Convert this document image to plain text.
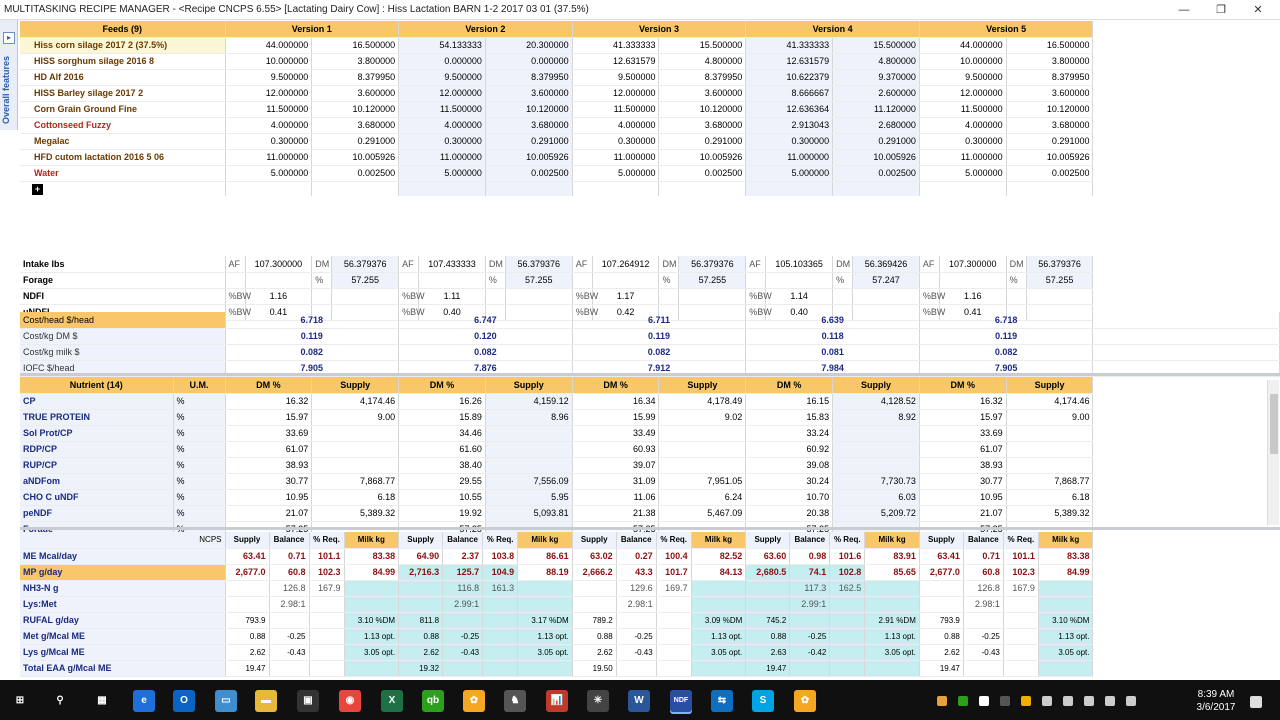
MULTITASKING RECIPE MANAGER - <Recipe CNCPS 6.55> [Lactating Dairy Cow] : Hiss Lactation BARN 1-2 2017 03 01 (37.5%)	—	❐	✕
▸
Overall features
Feeds (9)	Version 1		Version 2		Version 3		Version 4		Version 5	
Hiss corn silage 2017 2 (37.5%)	44.000000	16.500000	54.133333	20.300000	41.333333	15.500000	41.333333	15.500000	44.000000	16.500000
HISS sorghum silage 2016 8	10.000000	3.800000	0.000000	0.000000	12.631579	4.800000	12.631579	4.800000	10.000000	3.800000
HD Alf 2016	9.500000	8.379950	9.500000	8.379950	9.500000	8.379950	10.622379	9.370000	9.500000	8.379950
HISS Barley silage 2017 2	12.000000	3.600000	12.000000	3.600000	12.000000	3.600000	8.666667	2.600000	12.000000	3.600000
Corn Grain Ground Fine	11.500000	10.120000	11.500000	10.120000	11.500000	10.120000	12.636364	11.120000	11.500000	10.120000
Cottonseed Fuzzy	4.000000	3.680000	4.000000	3.680000	4.000000	3.680000	2.913043	2.680000	4.000000	3.680000
Megalac	0.300000	0.291000	0.300000	0.291000	0.300000	0.291000	0.300000	0.291000	0.300000	0.291000
HFD cutom lactation 2016 5 06	11.000000	10.005926	11.000000	10.005926	11.000000	10.005926	11.000000	10.005926	11.000000	10.005926
Water	5.000000	0.002500	5.000000	0.002500	5.000000	0.002500	5.000000	0.002500	5.000000	0.002500
+										
Intake lbs	AF	107.300000	DM	56.379376	AF	107.433333	DM	56.379376	AF	107.264912	DM	56.379376	AF	105.103365	DM	56.369426	AF	107.300000	DM	56.379376
Forage			%	57.255			%	57.255			%	57.255			%	57.247			%	57.255
NDFI	%BW	1.16			%BW	1.11			%BW	1.17			%BW	1.14			%BW	1.16		
	%BW	0.41			%BW	0.40			%BW	0.42			%BW	0.40			%BW	0.41		
Cost/head $/head	6.718	6.747	6.711	6.639	6.718	
Cost/kg DM $	0.119	0.120	0.119	0.118	0.119	
Cost/kg milk $	0.082	0.082	0.082	0.081	0.082	
IOFC $/head	7.905	7.876	7.912	7.984	7.905	
Nutrient (14)	U.M.	DM %	Supply	DM %	Supply	DM %	Supply	DM %	Supply	DM %	Supply
CP	%	16.32	4,174.46	16.26	4,159.12	16.34	4,178.49	16.15	4,128.52	16.32	4,174.46
TRUE PROTEIN	%	15.97	9.00	15.89	8.96	15.99	9.02	15.83	8.92	15.97	9.00
Sol Prot/CP	%	33.69		34.46		33.49		33.24		33.69	
RDP/CP	%	61.07		61.60		60.93		60.92		61.07	
RUP/CP	%	38.93		38.40		39.07		39.08		38.93	
aNDFom	%	30.77	7,868.77	29.55	7,556.09	31.09	7,951.05	30.24	7,730.73	30.77	7,868.77
CHO C uNDF	%	10.95	6.18	10.55	5.95	11.06	6.24	10.70	6.03	10.95	6.18
peNDF	%	21.07	5,389.32	19.92	5,093.81	21.38	5,467.09	20.38	5,209.72	21.07	5,389.32

NCPS	Supply	Balance	% Req.	Milk kg	Supply	Balance	% Req.	Milk kg	Supply	Balance	% Req.	Milk kg	Supply	Balance	% Req.	Milk kg	Supply	Balance	% Req.	Milk kg
ME Mcal/day	63.41	0.71	101.1	83.38	64.90	2.37	103.8	86.61	63.02	0.27	100.4	82.52	63.60	0.98	101.6	83.91	63.41	0.71	101.1	83.38
MP g/day	2,677.0	60.8	102.3	84.99	2,716.3	125.7	104.9	88.19	2,666.2	43.3	101.7	84.13	2,680.5	74.1	102.8	85.65	2,677.0	60.8	102.3	84.99
NH3-N g		126.8	167.9			116.8	161.3			129.6	169.7			117.3	162.5			126.8	167.9	
Lys:Met		2.98:1				2.99:1				2.98:1				2.99:1				2.98:1		
RUFAL g/day	793.9			3.10 %DM	811.8			3.17 %DM	789.2			3.09 %DM	745.2			2.91 %DM	793.9			3.10 %DM
Met g/Mcal ME	0.88	-0.25		1.13 opt.	0.88	-0.25		1.13 opt.	0.88	-0.25		1.13 opt.	0.88	-0.25		1.13 opt.	0.88	-0.25		1.13 opt.
Lys g/Mcal ME	2.62	-0.43		3.05 opt.	2.62	-0.43		3.05 opt.	2.62	-0.43		3.05 opt.	2.63	-0.42		3.05 opt.	2.62	-0.43		3.05 opt.
Total EAA g/Mcal ME	19.47				19.32				19.50				19.47				19.47			
8:39 AM
3/6/2017
⊞	⚲	▦	e	O	▭	▬	▣	◉	X	qb	✿	♞	📊	✳	W	NDF	⇆	S	✿
